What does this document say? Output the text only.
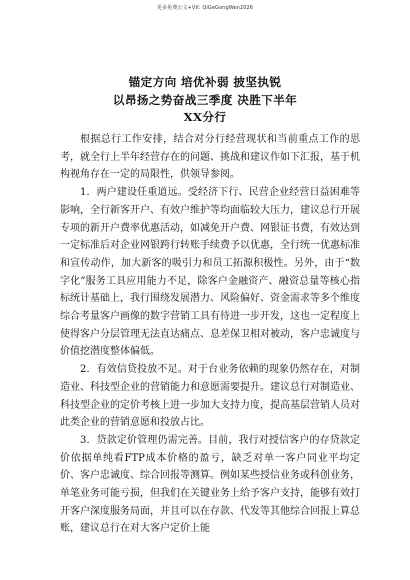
更多免费公文+VX: QiGeGongWen2026
锚定方向 培优补弱 披坚执锐
以昂扬之势奋战三季度 决胜下半年
XX分行

根据总行工作安排，结合对分行经营现状和当前重点工作的思考，就全行上半年经营存在的问题、挑战和建议作如下汇报，基于机构视角存在一定的局限性，供领导参阅。

1．两户建设任重道远。受经济下行、民营企业经营日益困难等影响，全行新客开户、有效户维护等均面临较大压力，建议总行开展专项的新开户费率优惠活动，如减免开户费、网银证书费，有效达到一定标准后对企业网银跨行转账手续费予以优惠，全行统一优惠标准和宣传动作，加大新客的吸引力和员工拓源积极性。另外，由于“数字化”服务工具应用能力不足，除客户金融资产、融资总量等核心指标统计基础上，我行围绕发展潜力、风险偏好、资金需求等多个维度综合考量客户画像的数字营销工具有待进一步开发，这也一定程度上使得客户分层管理无法直达痛点、息差保卫相对被动，客户忠诚度与价值挖潜度整体偏低。

2．有效信贷投放不足。对于台业务依赖的现象仍然存在，对制造业、科技型企业的营销能力和意愿需要提升。建议总行对制造业、科技型企业的定价考核上进一步加大支持力度，提高基层营销人员对此类企业的营销意愿和投放占比。

3．贷款定价管理仍需完善。目前，我行对授信客户的存贷款定价依据单纯看FTP成本价格的盈亏，缺乏对单一客户同业平均定价、客户忠诚度、综合回报等测算。例如某些授信业务或科创业务，单笔业务可能亏损，但我们在关键业务上给予客户支持，能够有效打开客户深度服务局面，并且可以在存款、代发等其他综合回报上算总账，建议总行在对大客户定价上能
